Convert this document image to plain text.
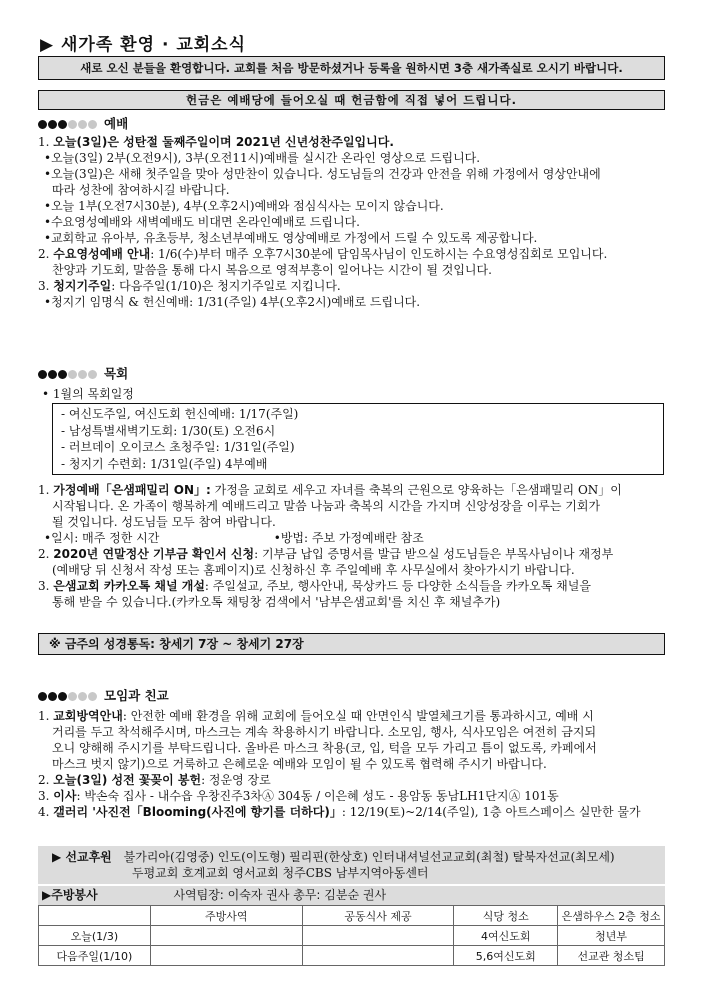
▶ 새가족 환영 · 교회소식
새로 오신 분들을 환영합니다. 교회를 처음 방문하셨거나 등록을 원하시면 3층 새가족실로 오시기 바랍니다.
헌금은 예배당에 들어오실 때 헌금함에 직접 넣어 드립니다.
예배
1. 오늘(3일)은 성탄절 둘째주일이며 2021년 신년성찬주일입니다.
•오늘(3일) 2부(오전9시), 3부(오전11시)예배를 실시간 온라인 영상으로 드립니다.
•오늘(3일)은 새해 첫주일을 맞아 성만찬이 있습니다. 성도님들의 건강과 안전을 위해 가정에서 영상안내에
따라 성찬에 참여하시길 바랍니다.
•오늘 1부(오전7시30분), 4부(오후2시)예배와 점심식사는 모이지 않습니다.
•수요영성예배와 새벽예배도 비대면 온라인예배로 드립니다.
•교회학교 유아부, 유초등부, 청소년부예배도 영상예배로 가정에서 드릴 수 있도록 제공합니다.
2. 수요영성예배 안내: 1/6(수)부터 매주 오후7시30분에 담임목사님이 인도하시는 수요영성집회로 모입니다.
찬양과 기도회, 말씀을 통해 다시 복음으로 영적부흥이 일어나는 시간이 될 것입니다.
3. 청지기주일: 다음주일(1/10)은 청지기주일로 지킵니다.
•청지기 임명식 & 헌신예배: 1/31(주일) 4부(오후2시)예배로 드립니다.
목회
• 1월의 목회일정
- 여신도주일, 여신도회 헌신예배: 1/17(주일)
- 남성특별새벽기도회: 1/30(토) 오전6시
- 러브데이 오이코스 초청주일: 1/31일(주일)
- 청지기 수련회: 1/31일(주일) 4부예배
1. 가정예배「은샘패밀리 ON」: 가정을 교회로 세우고 자녀를 축복의 근원으로 양육하는「은샘패밀리 ON」이
시작됩니다. 온 가족이 행복하게 예배드리고 말씀 나눔과 축복의 시간을 가지며 신앙성장을 이루는 기회가
될 것입니다. 성도님들 모두 참여 바랍니다.
•일시: 매주 정한 시간                              •방법: 주보 가정예배란 참조
2. 2020년 연말정산 기부금 확인서 신청: 기부금 납입 증명서를 발급 받으실 성도님들은 부목사님이나 재정부
(예배당 뒤 신청서 작성 또는 홈페이지)로 신청하신 후 주일예배 후 사무실에서 찾아가시기 바랍니다.
3. 은샘교회 카카오톡 채널 개설: 주일설교, 주보, 행사안내, 묵상카드 등 다양한 소식들을 카카오톡 채널을
통해 받을 수 있습니다.(카카오톡 채팅창 검색에서 '남부은샘교회'를 치신 후 채널추가)
※ 금주의 성경통독: 창세기 7장 ~ 창세기 27장
모임과 친교
1. 교회방역안내: 안전한 예배 환경을 위해 교회에 들어오실 때 안면인식 발열체크기를 통과하시고, 예배 시
거리를 두고 착석해주시며, 마스크는 계속 착용하시기 바랍니다. 소모임, 행사, 식사모임은 여전히 금지되
오니 양해해 주시기를 부탁드립니다. 올바른 마스크 착용(코, 입, 턱을 모두 가리고 틈이 없도록, 카페에서
마스크 벗지 않기)으로 거룩하고 은혜로운 예배와 모임이 될 수 있도록 협력해 주시기 바랍니다.
2. 오늘(3일) 성전 꽃꽂이 봉헌: 정운영 장로
3. 이사: 박손숙 집사 - 내수읍 우창진주3차Ⓐ 304동 / 이은혜 성도 - 용암동 동남LH1단지Ⓐ 101동
4. 갤러리 '사진전「Blooming(사진에 향기를 더하다)」: 12/19(토)~2/14(주일), 1층 아트스페이스 실만한 물가
▶ 선교후원 불가리아(김영중) 인도(이도형) 필리핀(한상호) 인터내셔널선교교회(최철) 탈북자선교(최모세)
두평교회 호계교회 영서교회 청주CBS 남부지역아동센터
▶주방봉사	사역팀장: 이숙자 권사 총무: 김분순 권사
	주방사역	공동식사 제공	식당 청소	은샘하우스 2층 청소
오늘(1/3)			4여신도회	청년부
다음주일(1/10)			5,6여신도회	선교관 청소팀
